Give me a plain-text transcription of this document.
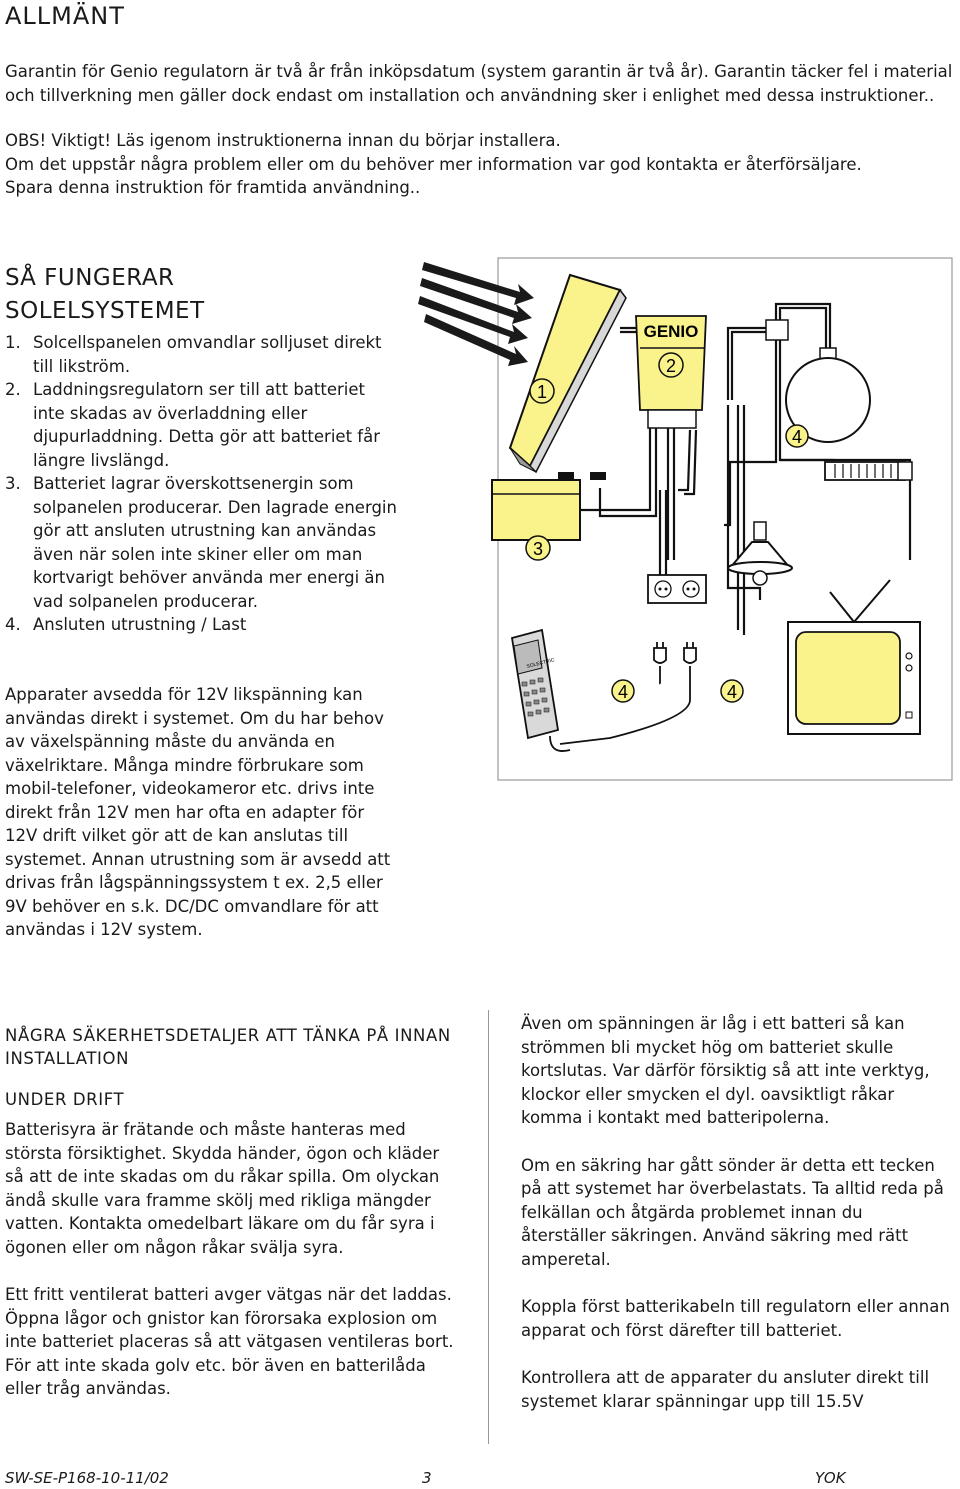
ALLMÄNT
Garantin för Genio regulatorn är två år från inköpsdatum (system garantin är två år). Garantin täcker fel i material och tillverkning men gäller dock endast om installation och användning sker i enlighet med dessa instruktioner..
OBS! Viktigt! Läs igenom instruktionerna innan du börjar installera.
Om det uppstår några problem eller om du behöver mer information var god kontakta er återförsäljare.
Spara denna instruktion för framtida användning..
SÅ FUNGERAR
SOLELSYSTEMET
1. Solcellspanelen omvandlar solljuset direkt till likström.
2. Laddningsregulatorn ser till att batteriet inte skadas av överladdning eller djupurladdning. Detta gör att batteriet får längre livslängd.
3. Batteriet lagrar överskottsenergin som solpanelen producerar. Den lagrade energin gör att ansluten utrustning kan användas även när solen inte skiner eller om man kortvarigt behöver använda mer energi än vad solpanelen producerar.
4. Ansluten utrustning / Last
Apparater avsedda för 12V likspänning kan användas direkt i systemet. Om du har behov av växelspänning måste du använda en växelriktare. Många mindre förbrukare som mobil-telefoner, videokameror etc. drivs inte direkt från 12V men har ofta en adapter för 12V drift vilket gör att de kan anslutas till systemet. Annan utrustning som är avsedd att drivas från lågspänningssystem t ex. 2,5 eller 9V behöver en s.k. DC/DC omvandlare för att användas i 12V system.
1
GENIO
2
4
3
SOLECTRIC
4	4
NÅGRA SÄKERHETSDETALJER ATT TÄNKA PÅ INNAN INSTALLATION
UNDER DRIFT

Batterisyra är frätande och måste hanteras med största försiktighet. Skydda händer, ögon och kläder så att de inte skadas om du råkar spilla. Om olyckan ändå skulle vara framme skölj med rikliga mängder vatten. Kontakta omedelbart läkare om du får syra i ögonen eller om någon råkar svälja syra.

Ett fritt ventilerat batteri avger vätgas när det laddas. Öppna lågor och gnistor kan förorsaka explosion om inte batteriet placeras så att vätgasen ventileras bort. För att inte skada golv etc. bör även en batterilåda eller tråg användas.

Även om spänningen är låg i ett batteri så kan strömmen bli mycket hög om batteriet skulle kortslutas. Var därför försiktig så att inte verktyg, klockor eller smycken el dyl. oavsiktligt råkar komma i kontakt med batteripolerna.

Om en säkring har gått sönder är detta ett tecken på att systemet har överbelastats. Ta alltid reda på felkällan och åtgärda problemet innan du återställer säkringen. Använd säkring med rätt amperetal.

Koppla först batterikabeln till regulatorn eller annan apparat och först därefter till batteriet.

Kontrollera att de apparater du ansluter direkt till systemet klarar spänningar upp till 15.5V

SW-SE-P168-10-11/02	3	YOK
